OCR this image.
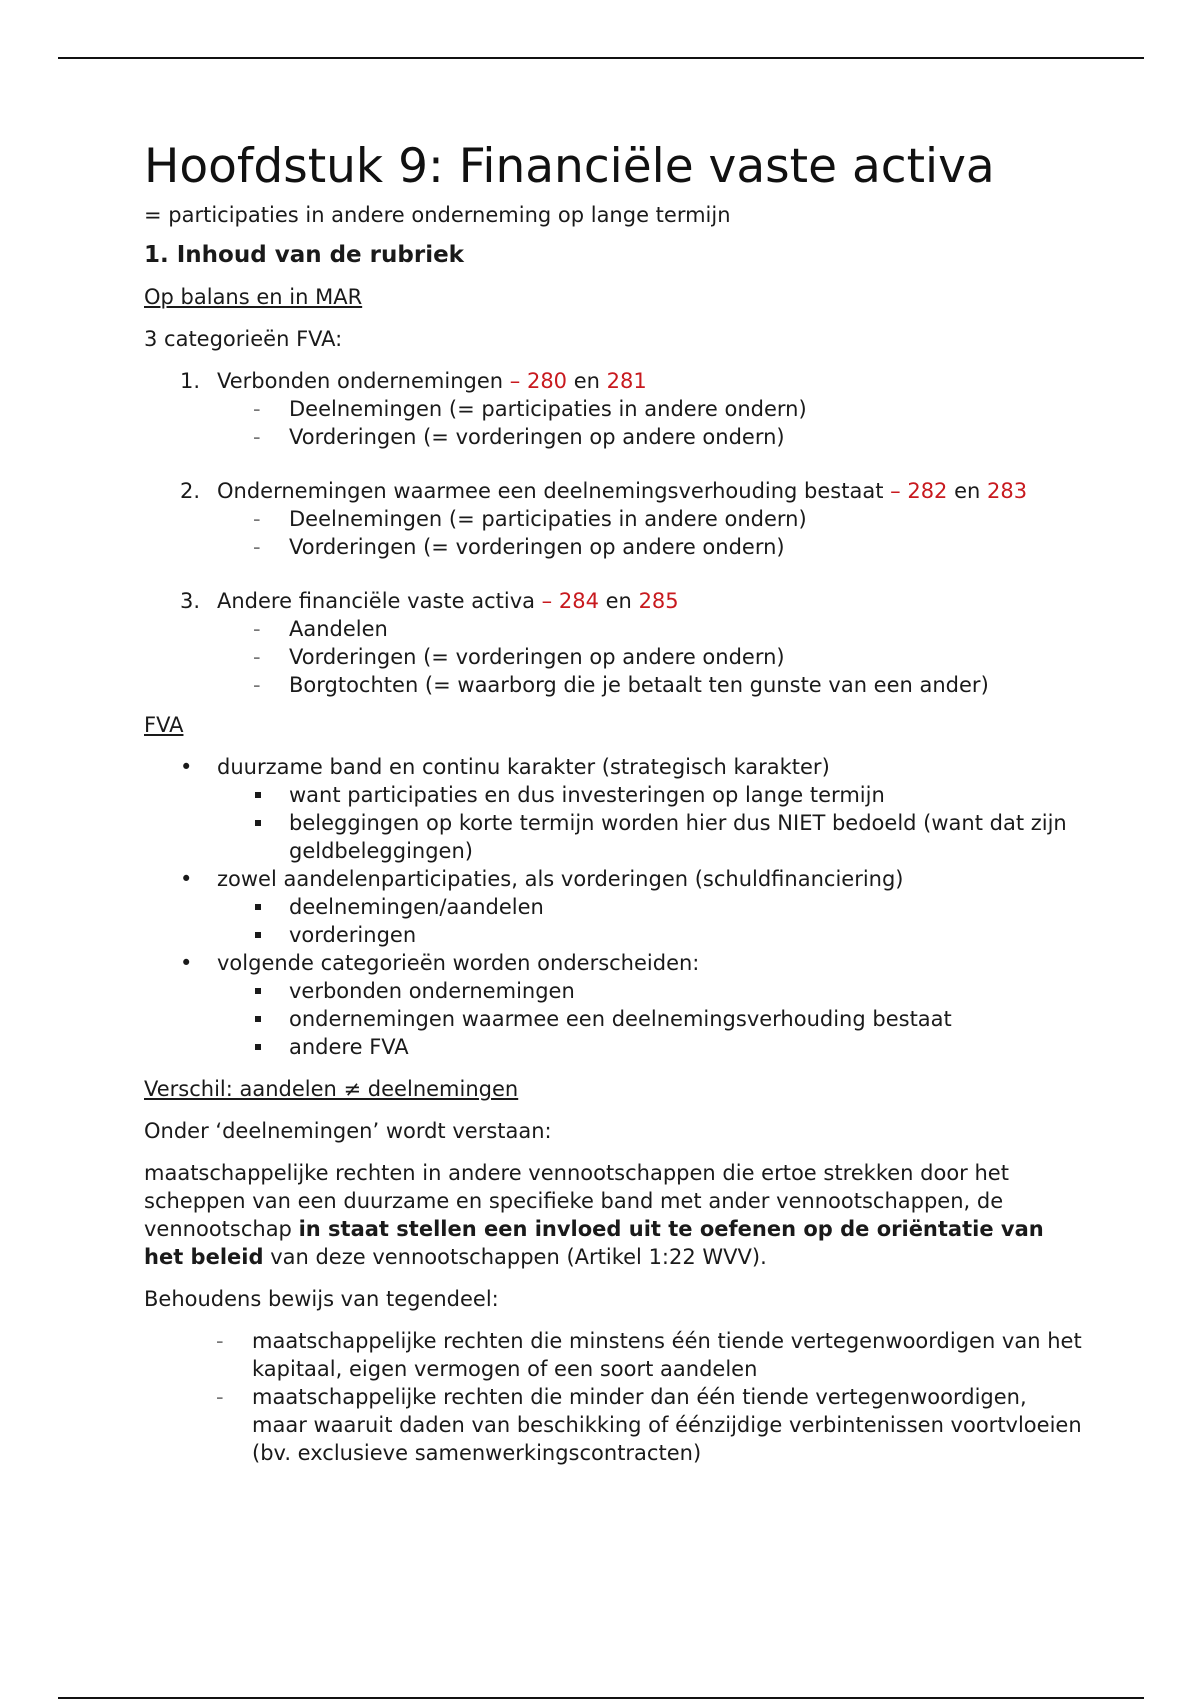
Hoofdstuk 9: Financiële vaste activa

= participaties in andere onderneming op lange termijn

1. Inhoud van de rubriek

Op balans en in MAR

3 categorieën FVA:

1. Verbonden ondernemingen – 280 en 281
- Deelnemingen (= participaties in andere ondern)
- Vorderingen (= vorderingen op andere ondern)
2. Ondernemingen waarmee een deelnemingsverhouding bestaat – 282 en 283
- Deelnemingen (= participaties in andere ondern)
- Vorderingen (= vorderingen op andere ondern)
3. Andere financiële vaste activa – 284 en 285
- Aandelen
- Vorderingen (= vorderingen op andere ondern)
- Borgtochten (= waarborg die je betaalt ten gunste van een ander)

FVA

• duurzame band en continu karakter (strategisch karakter)
want participaties en dus investeringen op lange termijn
beleggingen op korte termijn worden hier dus NIET bedoeld (want dat zijn geldbeleggingen)
• zowel aandelenparticipaties, als vorderingen (schuldfinanciering)
deelnemingen/aandelen
vorderingen
• volgende categorieën worden onderscheiden:
verbonden ondernemingen
ondernemingen waarmee een deelnemingsverhouding bestaat
andere FVA

Verschil: aandelen ≠ deelnemingen

Onder ‘deelnemingen’ wordt verstaan:

maatschappelijke rechten in andere vennootschappen die ertoe strekken door het scheppen van een duurzame en specifieke band met ander vennootschappen, de vennootschap in staat stellen een invloed uit te oefenen op de oriëntatie van het beleid van deze vennootschappen (Artikel 1:22 WVV).

Behoudens bewijs van tegendeel:

- maatschappelijke rechten die minstens één tiende vertegenwoordigen van het kapitaal, eigen vermogen of een soort aandelen
- maatschappelijke rechten die minder dan één tiende vertegenwoordigen, maar waaruit daden van beschikking of éénzijdige verbintenissen voortvloeien (bv. exclusieve samenwerkingscontracten)
